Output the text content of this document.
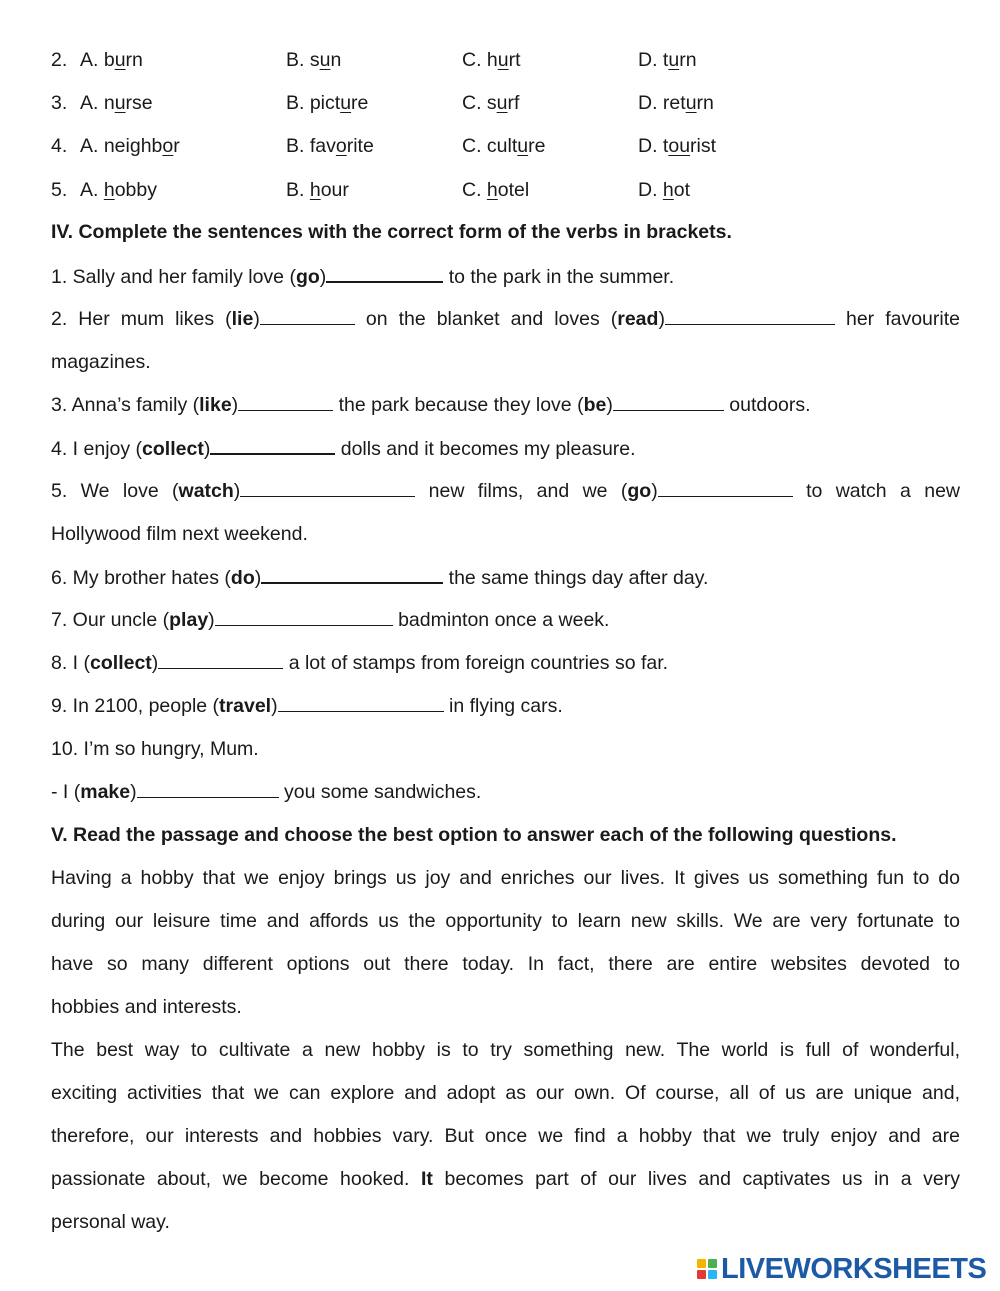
2. A. burn	B. sun	C. hurt	D. turn
3. A. nurse	B. picture	C. surf	D. return
4. A. neighbor	B. favorite	C. culture	D. tourist
5. A. hobby	B. hour	C. hotel	D. hot
IV. Complete the sentences with the correct form of the verbs in brackets.
1. Sally and her family love (go)	to the park in the summer.
2. Her mum likes (lie)	on the blanket and loves (read)	her favourite
magazines.
3. Anna’s family (like)	the park because they love (be)	outdoors.
4. I enjoy (collect)	dolls and it becomes my pleasure.
5. We love (watch)	new films, and we (go)	to watch a new
Hollywood film next weekend.
6. My brother hates (do)	the same things day after day.
7. Our uncle (play)	badminton once a week.
8. I (collect)	a lot of stamps from foreign countries so far.
9. In 2100, people (travel)	in flying cars.
10. I’m so hungry, Mum.
- I (make)	you some sandwiches.
V. Read the passage and choose the best option to answer each of the following questions.
Having a hobby that we enjoy brings us joy and enriches our lives. It gives us something fun to do
during our leisure time and affords us the opportunity to learn new skills. We are very fortunate to
have so many different options out there today. In fact, there are entire websites devoted to
hobbies and interests.
The best way to cultivate a new hobby is to try something new. The world is full of wonderful,
exciting activities that we can explore and adopt as our own. Of course, all of us are unique and,
therefore, our interests and hobbies vary. But once we find a hobby that we truly enjoy and are
passionate about, we become hooked. It becomes part of our lives and captivates us in a very
personal way.
LIVEWORKSHEETS
